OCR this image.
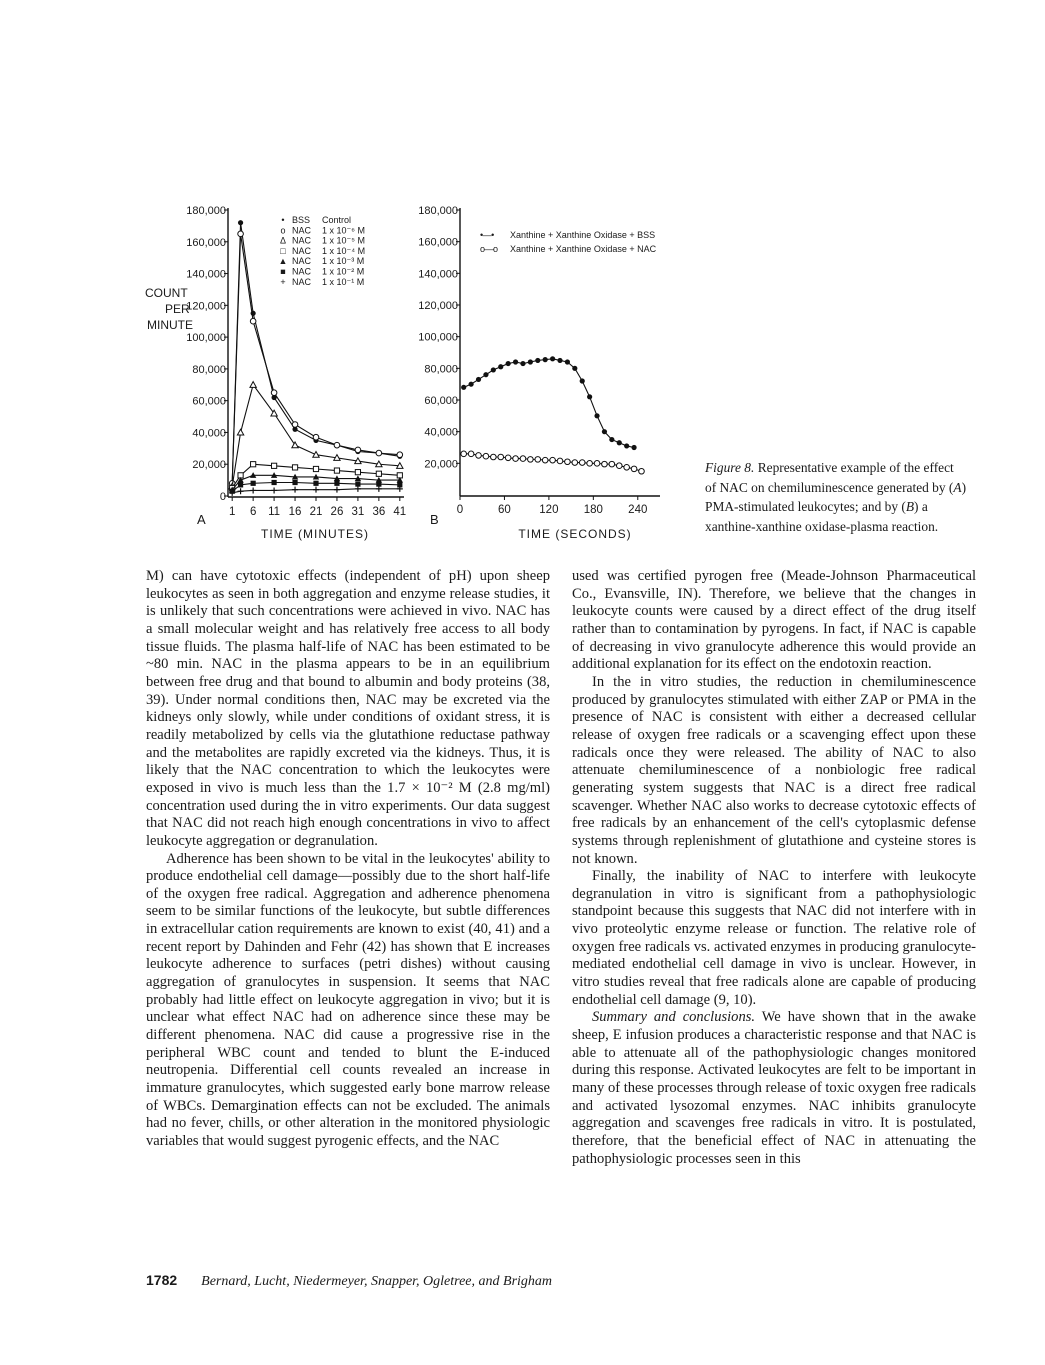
0
20,000
40,000
60,000
80,000
100,000
120,000
140,000
160,000
180,000
1 6 11 16 21 26 31 36 41
TIME (MINUTES)
COUNT
PER
MINUTE
A
• BSS Control
o NAC 1 x 10⁻⁶ M
Δ NAC 1 x 10⁻⁵ M
□ NAC 1 x 10⁻⁴ M
▲ NAC 1 x 10⁻³ M
■ NAC 1 x 10⁻² M
+ NAC 1 x 10⁻¹ M
20,000
40,000
60,000
80,000
100,000
120,000
140,000
160,000
180,000
0	60 120 180 240
TIME (SECONDS)
B
•—• Xanthine + Xanthine Oxidase + BSS
o—o Xanthine + Xanthine Oxidase + NAC
Figure 8. Representative example of the effect of NAC on chemiluminescence generated by (A) PMA-stimulated leukocytes; and by (B) a xanthine-xanthine oxidase-plasma reaction.

M) can have cytotoxic effects (independent of pH) upon sheep leukocytes as seen in both aggregation and enzyme release studies, it is unlikely that such concentrations were achieved in vivo. NAC has a small molecular weight and has relatively free access to all body tissue fluids. The plasma half-life of NAC has been estimated to be ~80 min. NAC in the plasma appears to be in an equilibrium between free drug and that bound to albumin and body proteins (38, 39). Under normal conditions then, NAC may be excreted via the kidneys only slowly, while under conditions of oxidant stress, it is readily metabolized by cells via the glutathione reductase pathway and the metabolites are rapidly excreted via the kidneys. Thus, it is likely that the NAC concentration to which the leukocytes were exposed in vivo is much less than the 1.7 × 10⁻² M (2.8 mg/ml) concentration used during the in vitro experiments. Our data suggest that NAC did not reach high enough concentrations in vivo to affect leukocyte aggregation or degranulation.

Adherence has been shown to be vital in the leukocytes' ability to produce endothelial cell damage—possibly due to the short half-life of the oxygen free radical. Aggregation and adherence phenomena seem to be similar functions of the leukocyte, but subtle differences in extracellular cation requirements are known to exist (40, 41) and a recent report by Dahinden and Fehr (42) has shown that E increases leukocyte adherence to surfaces (petri dishes) without causing aggregation of granulocytes in suspension. It seems that NAC probably had little effect on leukocyte aggregation in vivo; but it is unclear what effect NAC had on adherence since these may be different phenomena. NAC did cause a progressive rise in the peripheral WBC count and tended to blunt the E-induced neutropenia. Differential cell counts revealed an increase in immature granulocytes, which suggested early bone marrow release of WBCs. Demargination effects can not be excluded. The animals had no fever, chills, or other alteration in the monitored physiologic variables that would suggest pyrogenic effects, and the NAC

used was certified pyrogen free (Meade-Johnson Pharmaceutical Co., Evansville, IN). Therefore, we believe that the changes in leukocyte counts were caused by a direct effect of the drug itself rather than to contamination by pyrogens. In fact, if NAC is capable of decreasing in vivo granulocyte adherence this would provide an additional explanation for its effect on the endotoxin reaction.

In the in vitro studies, the reduction in chemiluminescence produced by granulocytes stimulated with either ZAP or PMA in the presence of NAC is consistent with either a decreased cellular release of oxygen free radicals or a scavenging effect upon these radicals once they were released. The ability of NAC to also attenuate chemiluminescence of a nonbiologic free radical generating system suggests that NAC is a direct free radical scavenger. Whether NAC also works to decrease cytotoxic effects of free radicals by an enhancement of the cell's cytoplasmic defense systems through replenishment of glutathione and cysteine stores is not known.

Finally, the inability of NAC to interfere with leukocyte degranulation in vitro is significant from a pathophysiologic standpoint because this suggests that NAC did not interfere with in vivo proteolytic enzyme release or function. The relative role of oxygen free radicals vs. activated enzymes in producing granulocyte-mediated endothelial cell damage in vivo is unclear. However, in vitro studies reveal that free radicals alone are capable of producing endothelial cell damage (9, 10).

Summary and conclusions. We have shown that in the awake sheep, E infusion produces a characteristic response and that NAC is able to attenuate all of the pathophysiologic changes monitored during this response. Activated leukocytes are felt to be important in many of these processes through release of toxic oxygen free radicals and activated lysozomal enzymes. NAC inhibits granulocyte aggregation and scavenges free radicals in vitro. It is postulated, therefore, that the beneficial effect of NAC in attenuating the pathophysiologic processes seen in this

1782 Bernard, Lucht, Niedermeyer, Snapper, Ogletree, and Brigham
